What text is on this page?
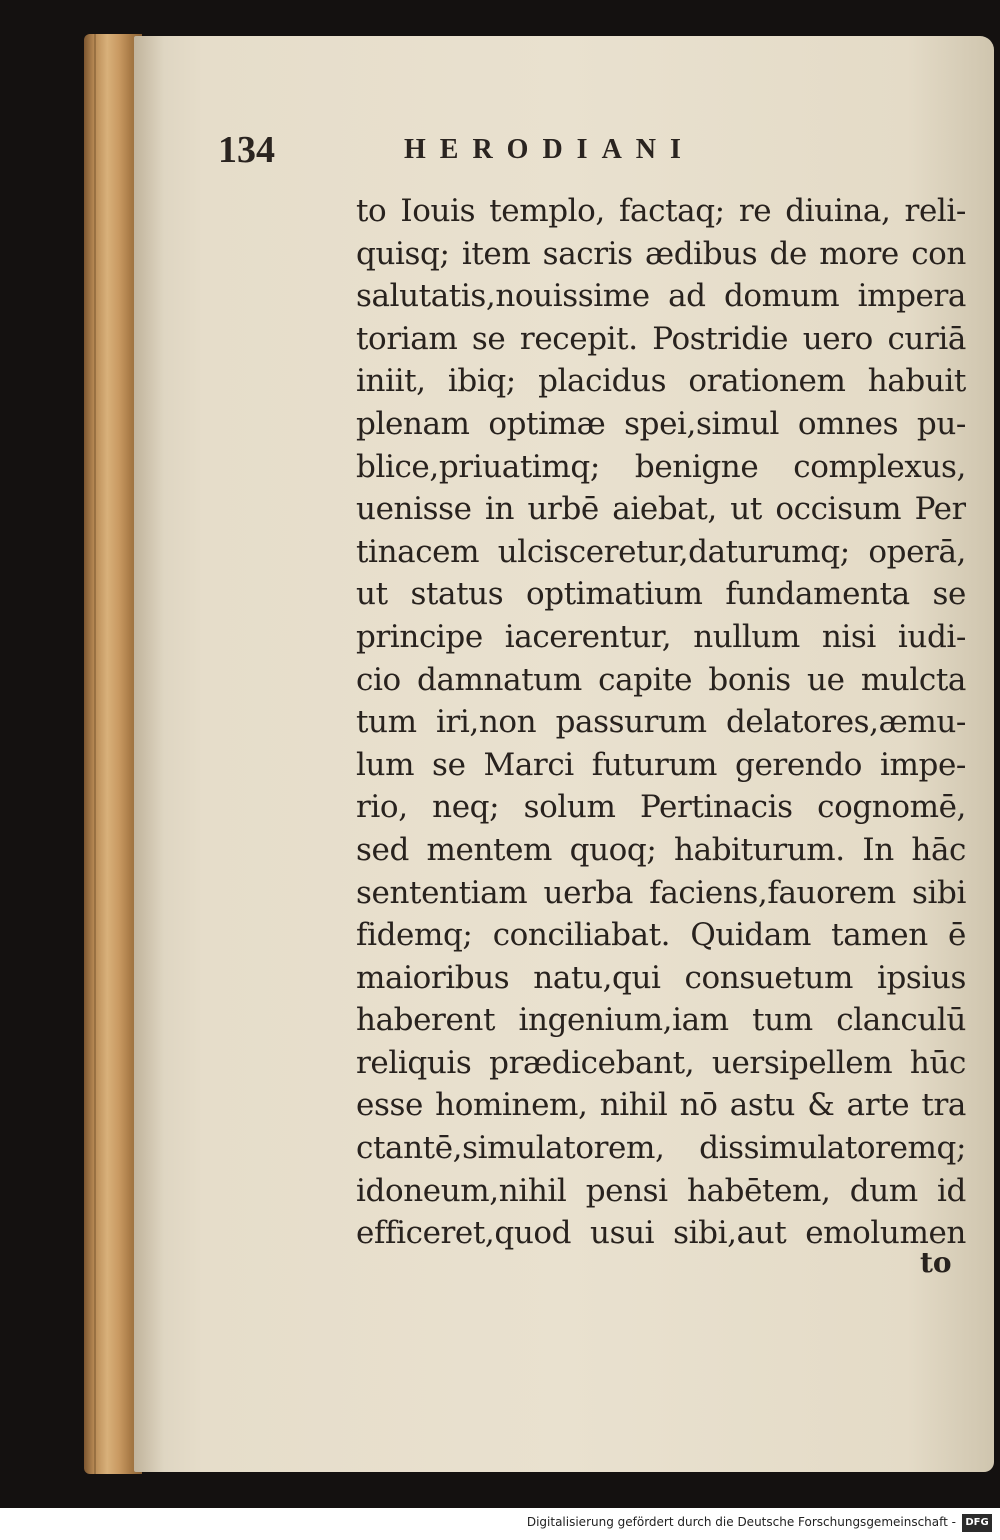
134	HERODIANI
to Iouis templo, factaq; re diuina, reli-
quisq; item sacris ædibus de more con
salutatis,nouissime ad domum impera
toriam se recepit. Postridie uero curiā
iniit, ibiq; placidus orationem habuit
plenam optimæ spei,simul omnes pu-
blice,priuatimq; benigne complexus,
uenisse in urbē aiebat, ut occisum Per
tinacem ulcisceretur,daturumq; operā,
ut status optimatium fundamenta se
principe iacerentur, nullum nisi iudi-
cio damnatum capite bonis ue mulcta
tum iri,non passurum delatores,æmu-
lum se Marci futurum gerendo impe-
rio, neq; solum Pertinacis cognomē,
sed mentem quoq; habiturum. In hāc
sententiam uerba faciens,fauorem sibi
fidemq; conciliabat. Quidam tamen ē
maioribus natu,qui consuetum ipsius
haberent ingenium,iam tum clanculū
reliquis prædicebant, uersipellem hūc
esse hominem, nihil nō astu & arte tra
ctantē,simulatorem, dissimulatoremq;
idoneum,nihil pensi habētem, dum id
efficeret,quod usui sibi,aut emolumen
to
Digitalisierung gefördert durch die Deutsche Forschungsgemeinschaft - DFG
